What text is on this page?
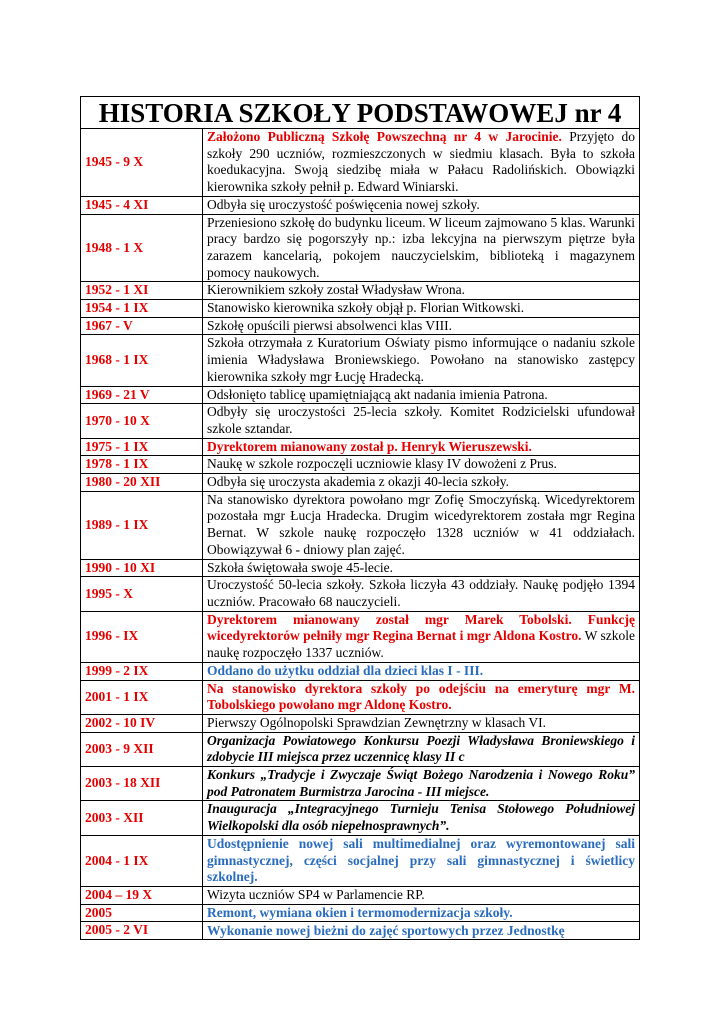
HISTORIA SZKOŁY PODSTAWOWEJ nr 4	
1945 - 9 X	Założono Publiczną Szkołę Powszechną nr 4 w Jarocinie. Przyjęto do szkoły 290 uczniów, rozmieszczonych w siedmiu klasach. Była to szkoła koedukacyjna. Swoją siedzibę miała w Pałacu Radolińskich. Obowiązki kierownika szkoły pełnił p. Edward Winiarski.
1945 - 4 XI	Odbyła się uroczystość poświęcenia nowej szkoły.
1948 - 1 X	Przeniesiono szkołę do budynku liceum. W liceum zajmowano 5 klas. Warunki pracy bardzo się pogorszyły np.: izba lekcyjna na pierwszym piętrze była zarazem kancelarią, pokojem nauczycielskim, biblioteką i magazynem pomocy naukowych.
1952 - 1 XI	Kierownikiem szkoły został Władysław Wrona.
1954 - 1 IX	Stanowisko kierownika szkoły objął p. Florian Witkowski.
1967 - V	Szkołę opuścili pierwsi absolwenci klas VIII.
1968 - 1 IX	Szkoła otrzymała z Kuratorium Oświaty pismo informujące o nadaniu szkole imienia Władysława Broniewskiego. Powołano na stanowisko zastępcy kierownika szkoły mgr Łucję Hradecką.
1969 - 21 V	Odsłonięto tablicę upamiętniającą akt nadania imienia Patrona.
1970 - 10 X	Odbyły się uroczystości 25-lecia szkoły. Komitet Rodzicielski ufundował szkole sztandar.
1975 - 1 IX	Dyrektorem mianowany został p. Henryk Wieruszewski.
1978 - 1 IX	Naukę w szkole rozpoczęli uczniowie klasy IV dowożeni z Prus.
1980 - 20 XII	Odbyła się uroczysta akademia z okazji 40-lecia szkoły.
1989 - 1 IX	Na stanowisko dyrektora powołano mgr Zofię Smoczyńską. Wicedyrektorem pozostała mgr Łucja Hradecka. Drugim wicedyrektorem została mgr Regina Bernat. W szkole naukę rozpoczęło 1328 uczniów w 41 oddziałach. Obowiązywał 6 - dniowy plan zajęć.
1990 - 10 XI	Szkoła świętowała swoje 45-lecie.
1995 - X	Uroczystość 50-lecia szkoły. Szkoła liczyła 43 oddziały. Naukę podjęło 1394 uczniów. Pracowało 68 nauczycieli.
1996 - IX	Dyrektorem mianowany został mgr Marek Tobolski. Funkcję wicedyrektorów pełniły mgr Regina Bernat i mgr Aldona Kostro. W szkole naukę rozpoczęło 1337 uczniów.
1999 - 2 IX	Oddano do użytku oddział dla dzieci klas I - III.
2001 - 1 IX	Na stanowisko dyrektora szkoły po odejściu na emeryturę mgr M. Tobolskiego powołano mgr Aldonę Kostro.
2002 - 10 IV	Pierwszy Ogólnopolski Sprawdzian Zewnętrzny w klasach VI.
2003 - 9 XII	Organizacja Powiatowego Konkursu Poezji Władysława Broniewskiego i zdobycie III miejsca przez uczennicę klasy II c
2003 - 18 XII	Konkurs „Tradycje i Zwyczaje Świąt Bożego Narodzenia i Nowego Roku” pod Patronatem Burmistrza Jarocina - III miejsce.
2003 - XII	Inauguracja „Integracyjnego Turnieju Tenisa Stołowego Południowej Wielkopolski dla osób niepełnosprawnych”.
2004 - 1 IX	Udostępnienie nowej sali multimedialnej oraz wyremontowanej sali gimnastycznej, części socjalnej przy sali gimnastycznej i świetlicy szkolnej.
2004 – 19 X	Wizyta uczniów SP4 w Parlamencie RP.
2005	Remont, wymiana okien i termomodernizacja szkoły.
2005 - 2 VI	Wykonanie nowej bieżni do zajęć sportowych przez Jednostkę
